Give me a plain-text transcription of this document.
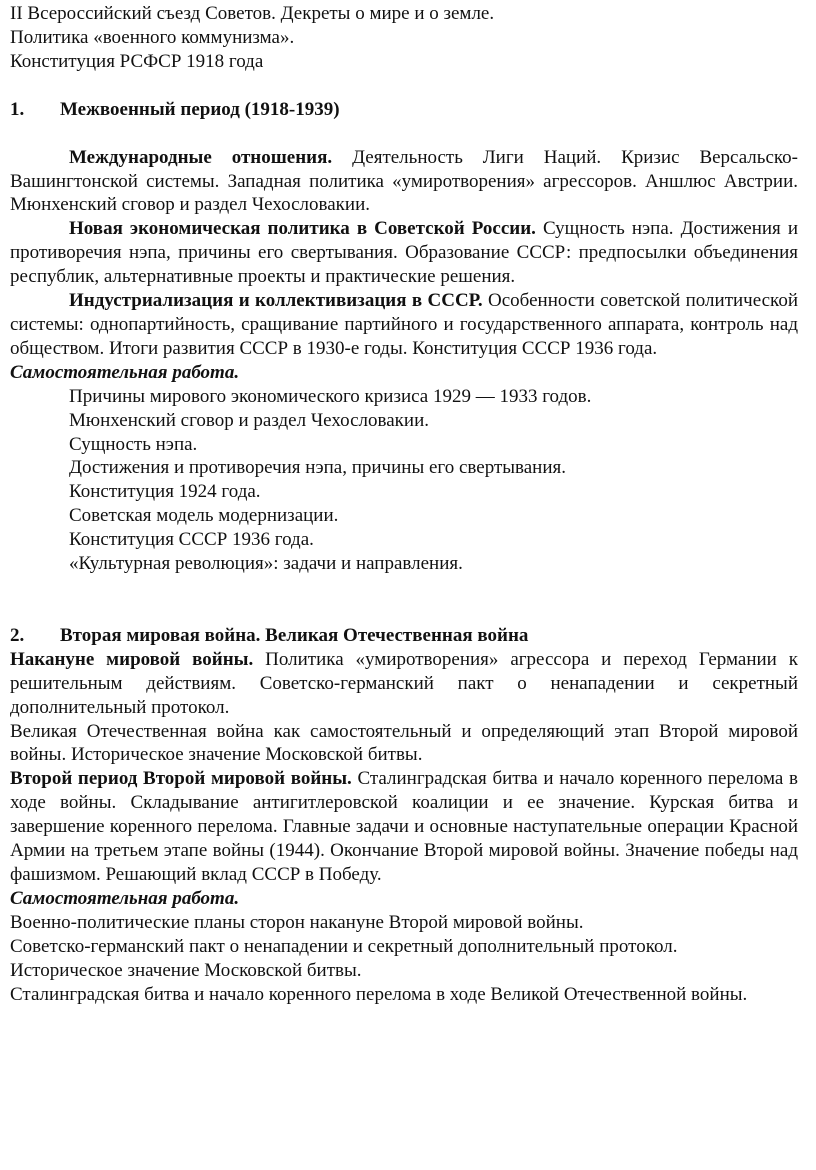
II Всероссийский съезд Советов. Декреты о мире и о земле.

Политика «военного коммунизма».

Конституция РСФСР 1918 года

1. Межвоенный период (1918-1939)

Международные отношения. Деятельность Лиги Наций. Кризис Версальско-Вашингтонской системы. Западная политика «умиротворения» агрессоров. Аншлюс Австрии. Мюнхенский сговор и раздел Чехословакии.

Новая экономическая политика в Советской России. Сущность нэпа. Достижения и противоречия нэпа, причины его свертывания. Образование СССР: предпосылки объединения республик, альтернативные проекты и практические решения.

Индустриализация и коллективизация в СССР. Особенности советской политической системы: однопартийность, сращивание партийного и государственного аппарата, контроль над обществом. Итоги развития СССР в 1930-е годы. Конституция СССР 1936 года.

Самостоятельная работа.

Причины мирового экономического кризиса 1929 — 1933 годов.

Мюнхенский сговор и раздел Чехословакии.

Сущность нэпа.

Достижения и противоречия нэпа, причины его свертывания.

Конституция 1924 года.

Советская модель модернизации.

Конституция СССР 1936 года.

«Культурная революция»: задачи и направления.

2. Вторая мировая война. Великая Отечественная война

Накануне мировой войны. Политика «умиротворения» агрессора и переход Германии к решительным действиям. Советско-германский пакт о ненападении и секретный дополнительный протокол.

Великая Отечественная война как самостоятельный и определяющий этап Второй мировой войны. Историческое значение Московской битвы.

Второй период Второй мировой войны. Сталинградская битва и начало коренного перелома в ходе войны. Складывание антигитлеровской коалиции и ее значение. Курская битва и завершение коренного перелома. Главные задачи и основные наступательные операции Красной Армии на третьем этапе войны (1944). Окончание Второй мировой войны. Значение победы над фашизмом. Решающий вклад СССР в Победу.

Самостоятельная работа.

Военно-политические планы сторон накануне Второй мировой войны.

Советско-германский пакт о ненападении и секретный дополнительный протокол.

Историческое значение Московской битвы.

Сталинградская битва и начало коренного перелома в ходе Великой Отечественной войны.
